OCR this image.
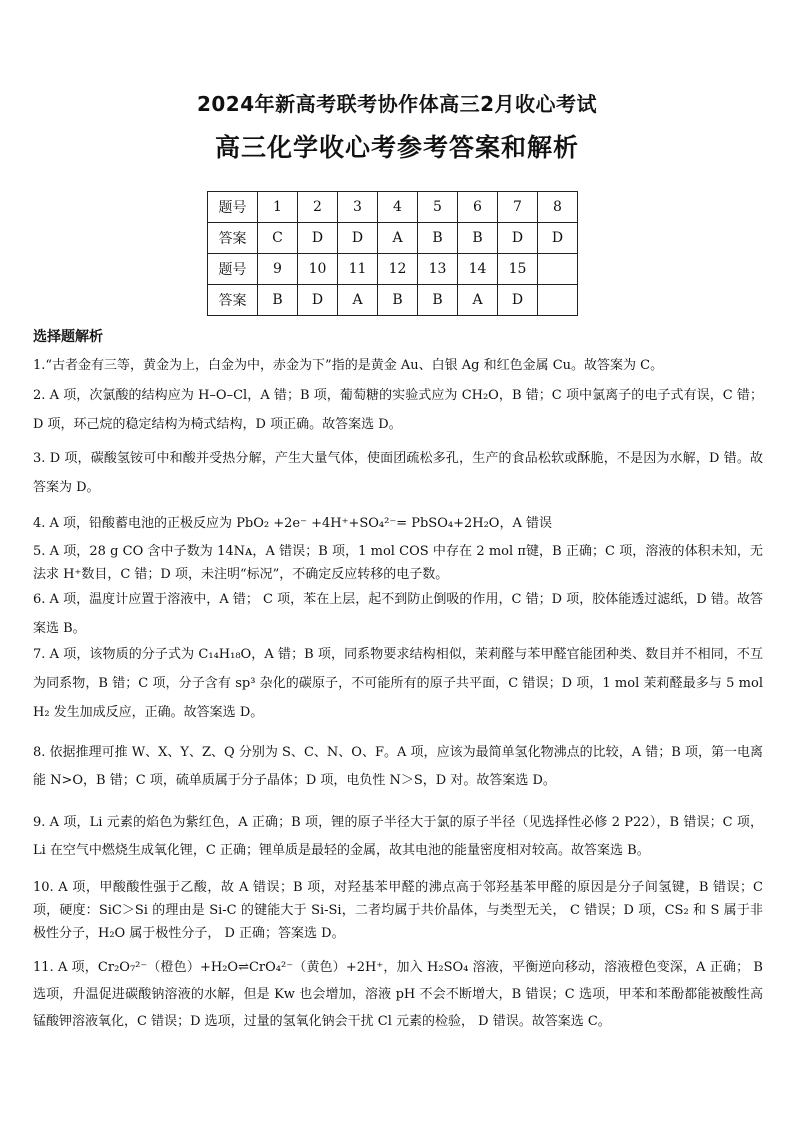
2024年新高考联考协作体高三2月收心考试
高三化学收心考参考答案和解析
题号	1	2	3	4	5	6	7	8
答案	C	D	D	A	B	B	D	D
题号	9	10	11	12	13	14	15	
答案	B	D	A	B	B	A	D	
选择题解析
1.“古者金有三等，黄金为上，白金为中，赤金为下”指的是黄金 Au、白银 Ag 和红色金属 Cu。故答案为 C。
2. A 项，次氯酸的结构应为 H–O–Cl，A 错；B 项，葡萄糖的实验式应为 CH₂O，B 错；C 项中氯离子的电子式有误，C 错；D 项，环己烷的稳定结构为椅式结构，D 项正确。故答案选 D。
3. D 项，碳酸氢铵可中和酸并受热分解，产生大量气体，使面团疏松多孔，生产的食品松软或酥脆，不是因为水解，D 错。故答案为 D。
4. A 项，铅酸蓄电池的正极反应为 PbO₂ +2e⁻ +4H⁺+SO₄²⁻= PbSO₄+2H₂O，A 错误
5. A 项，28 g CO 含中子数为 14Nᴀ，A 错误；B 项，1 mol COS 中存在 2 mol π键，B 正确；C 项，溶液的体积未知，无法求 H⁺数目，C 错；D 项，未注明“标况”，不确定反应转移的电子数。
6. A 项，温度计应置于溶液中，A 错； C 项，苯在上层，起不到防止倒吸的作用，C 错；D 项，胶体能透过滤纸，D 错。故答案选 B。
7. A 项，该物质的分子式为 C₁₄H₁₈O，A 错；B 项，同系物要求结构相似，茉莉醛与苯甲醛官能团种类、数目并不相同，不互为同系物，B 错；C 项，分子含有 sp³ 杂化的碳原子，不可能所有的原子共平面，C 错误；D 项，1 mol 茉莉醛最多与 5 mol H₂ 发生加成反应，正确。故答案选 D。
8. 依据推理可推 W、X、Y、Z、Q 分别为 S、C、N、O、F。A 项，应该为最简单氢化物沸点的比较，A 错；B 项，第一电离能 N>O，B 错；C 项，硫单质属于分子晶体；D 项，电负性 N＞S，D 对。故答案选 D。
9. A 项，Li 元素的焰色为紫红色，A 正确；B 项，锂的原子半径大于氯的原子半径（见选择性必修 2 P22），B 错误；C 项，Li 在空气中燃烧生成氧化锂，C 正确；锂单质是最轻的金属，故其电池的能量密度相对较高。故答案选 B。
10. A 项，甲酸酸性强于乙酸，故 A 错误；B 项，对羟基苯甲醛的沸点高于邻羟基苯甲醛的原因是分子间氢键，B 错误；C 项，硬度：SiC＞Si 的理由是 Si-C 的键能大于 Si-Si，二者均属于共价晶体，与类型无关， C 错误；D 项，CS₂ 和 S 属于非极性分子，H₂O 属于极性分子， D 正确；答案选 D。
11. A 项，Cr₂O₇²⁻（橙色）+H₂O⇌CrO₄²⁻（黄色）+2H⁺，加入 H₂SO₄ 溶液，平衡逆向移动，溶液橙色变深，A 正确； B 选项，升温促进碳酸钠溶液的水解，但是 Kw 也会增加，溶液 pH 不会不断增大，B 错误；C 选项，甲苯和苯酚都能被酸性高锰酸钾溶液氧化，C 错误；D 选项，过量的氢氧化钠会干扰 Cl 元素的检验， D 错误。故答案选 C。
